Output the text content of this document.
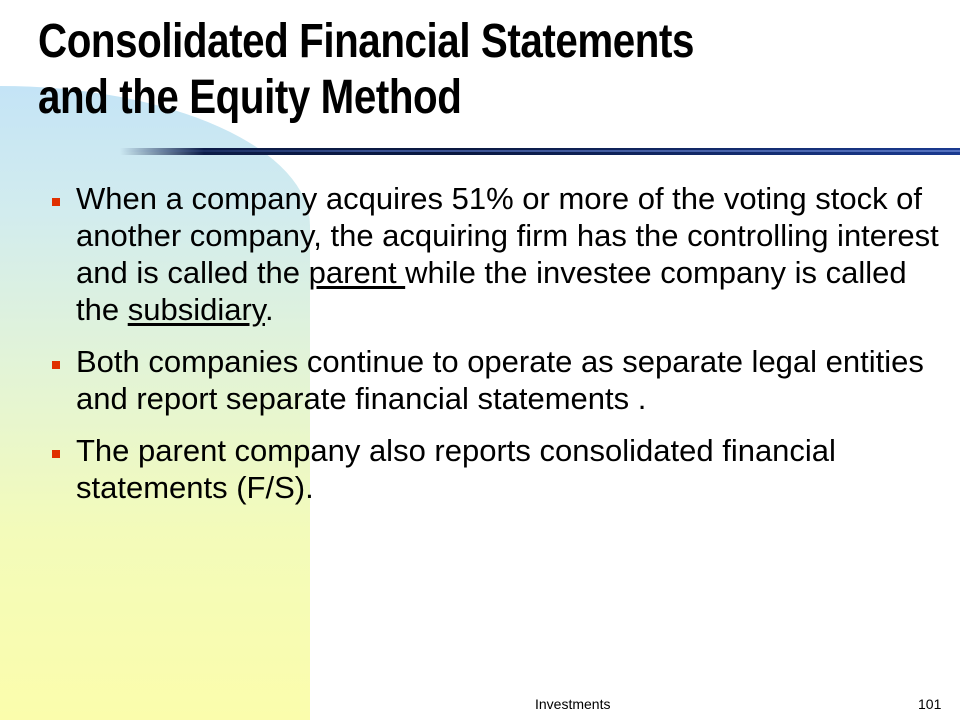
Consolidated Financial Statements
and the Equity Method
When a company acquires 51% or more of the voting stock of another company, the acquiring firm has the controlling interest and is called the parent while the investee company is called the subsidiary.
Both companies continue to operate as separate legal entities and report separate financial statements .
The parent company also reports consolidated financial statements (F/S).
Investments	101
